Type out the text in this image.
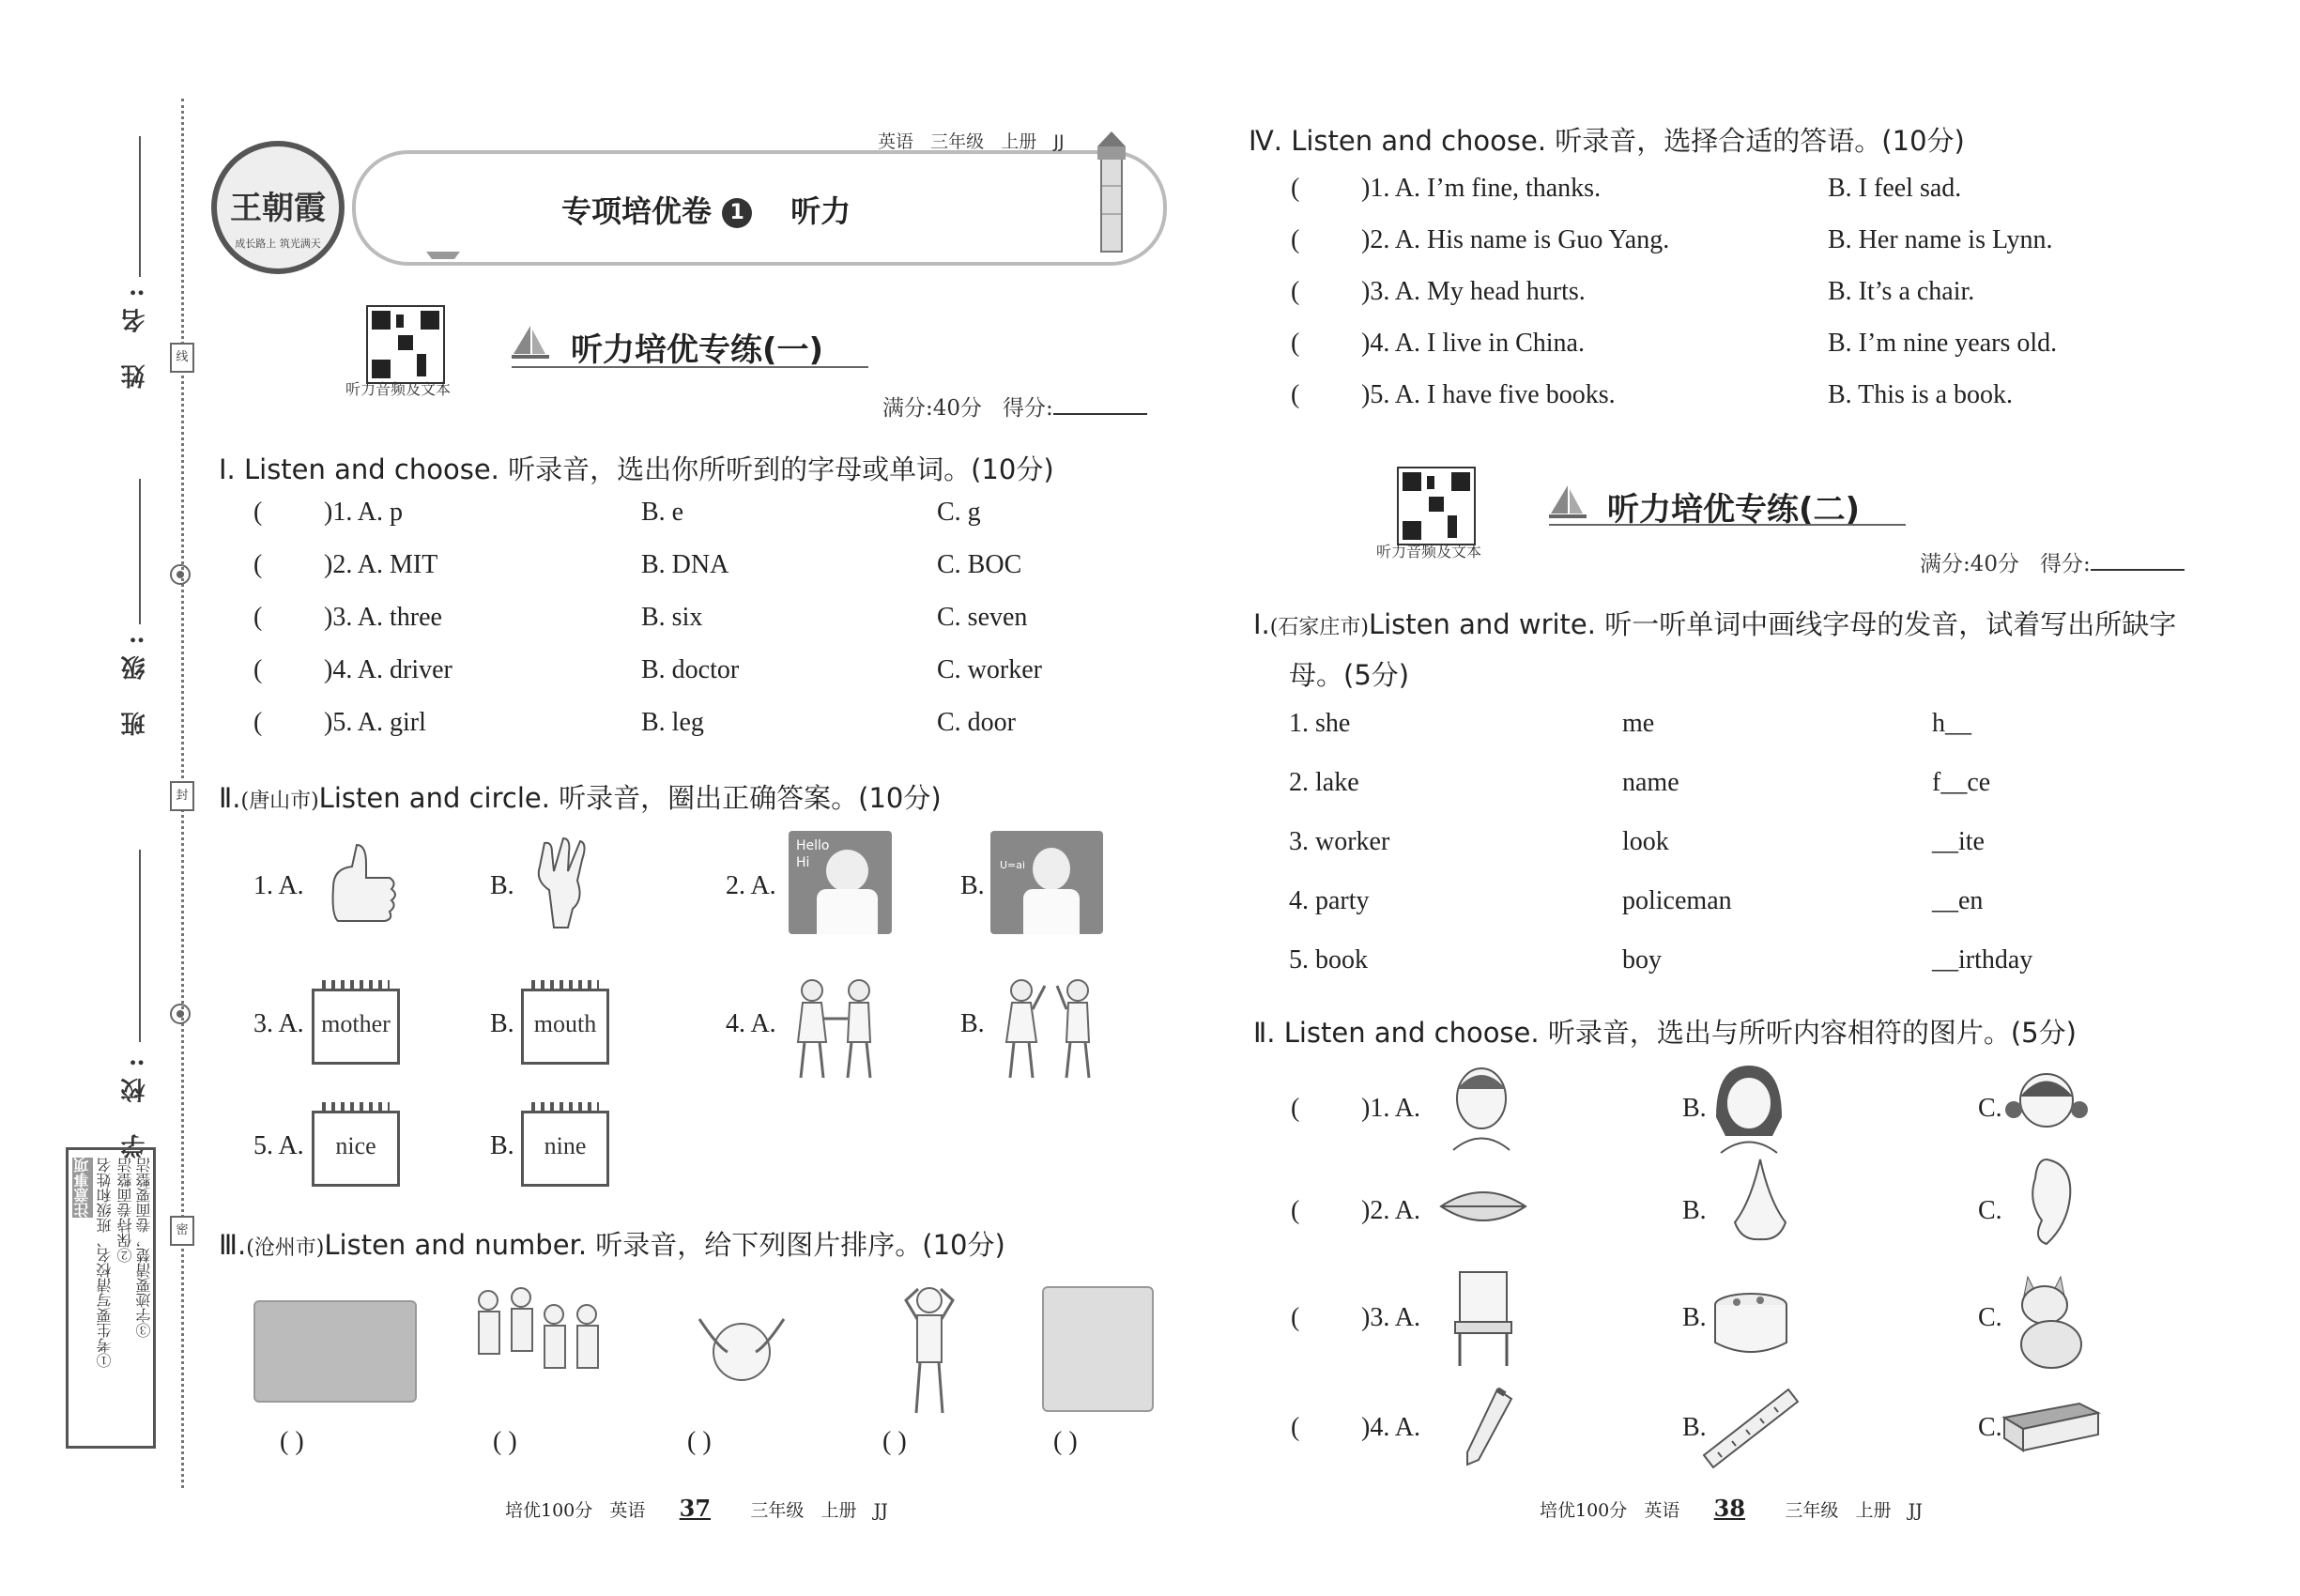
姓 名:
班 级:
学 校:
线
封
密
注意事项 ①考生要写清校名、班级和姓名 ②保持卷面整洁 ③字迹要清楚，卷面要整洁
王朝霞
成长路上 筑光满天
英语 三年级 上册 JJ
专项培优卷 1 听力
听力音频及文本
听力培优专练(一)
满分:40分 得分:
Ⅰ. Listen and choose. 听录音，选出你所听到的字母或单词。(10分)
( )1. A. p	B. e	C. g
( )2. A. MIT	B. DNA	C. BOC
( )3. A. three	B. six	C. seven
( )4. A. driver	B. doctor	C. worker
( )5. A. girl	B. leg	C. door
Ⅱ.(唐山市)Listen and circle. 听录音，圈出正确答案。(10分)
1. A.	B.	2. A.
Hello
Hi
B.
U=ai
3. A. mother	B. mouth	4. A.	B.
5. A.	nice	B.	nine
Ⅲ.(沧州市)Listen and number. 听录音，给下列图片排序。(10分)
( )	( )	( )	( )	( )
培优100分 英语 37 三年级 上册 JJ
Ⅳ. Listen and choose. 听录音，选择合适的答语。(10分)
( )1. A. I’m fine, thanks.	B. I feel sad.
( )2. A. His name is Guo Yang.	B. Her name is Lynn.
( )3. A. My head hurts.	B. It’s a chair.
( )4. A. I live in China.	B. I’m nine years old.
( )5. A. I have five books.	B. This is a book.
听力音频及文本
听力培优专练(二)
满分:40分 得分:
Ⅰ.(石家庄市)Listen and write. 听一听单词中画线字母的发音，试着写出所缺字
母。(5分)
1. she	me	h__
2. lake	name	f__ce
3. worker	look	__ite
4. party	policeman	__en
5. book	boy	__irthday
Ⅱ. Listen and choose. 听录音，选出与所听内容相符的图片。(5分)
( )1. A.	B.	C.
( )2. A.	B.	C.
( )3. A.	B.	C.
( )4. A.	B.	C.
培优100分 英语 38 三年级 上册 JJ
